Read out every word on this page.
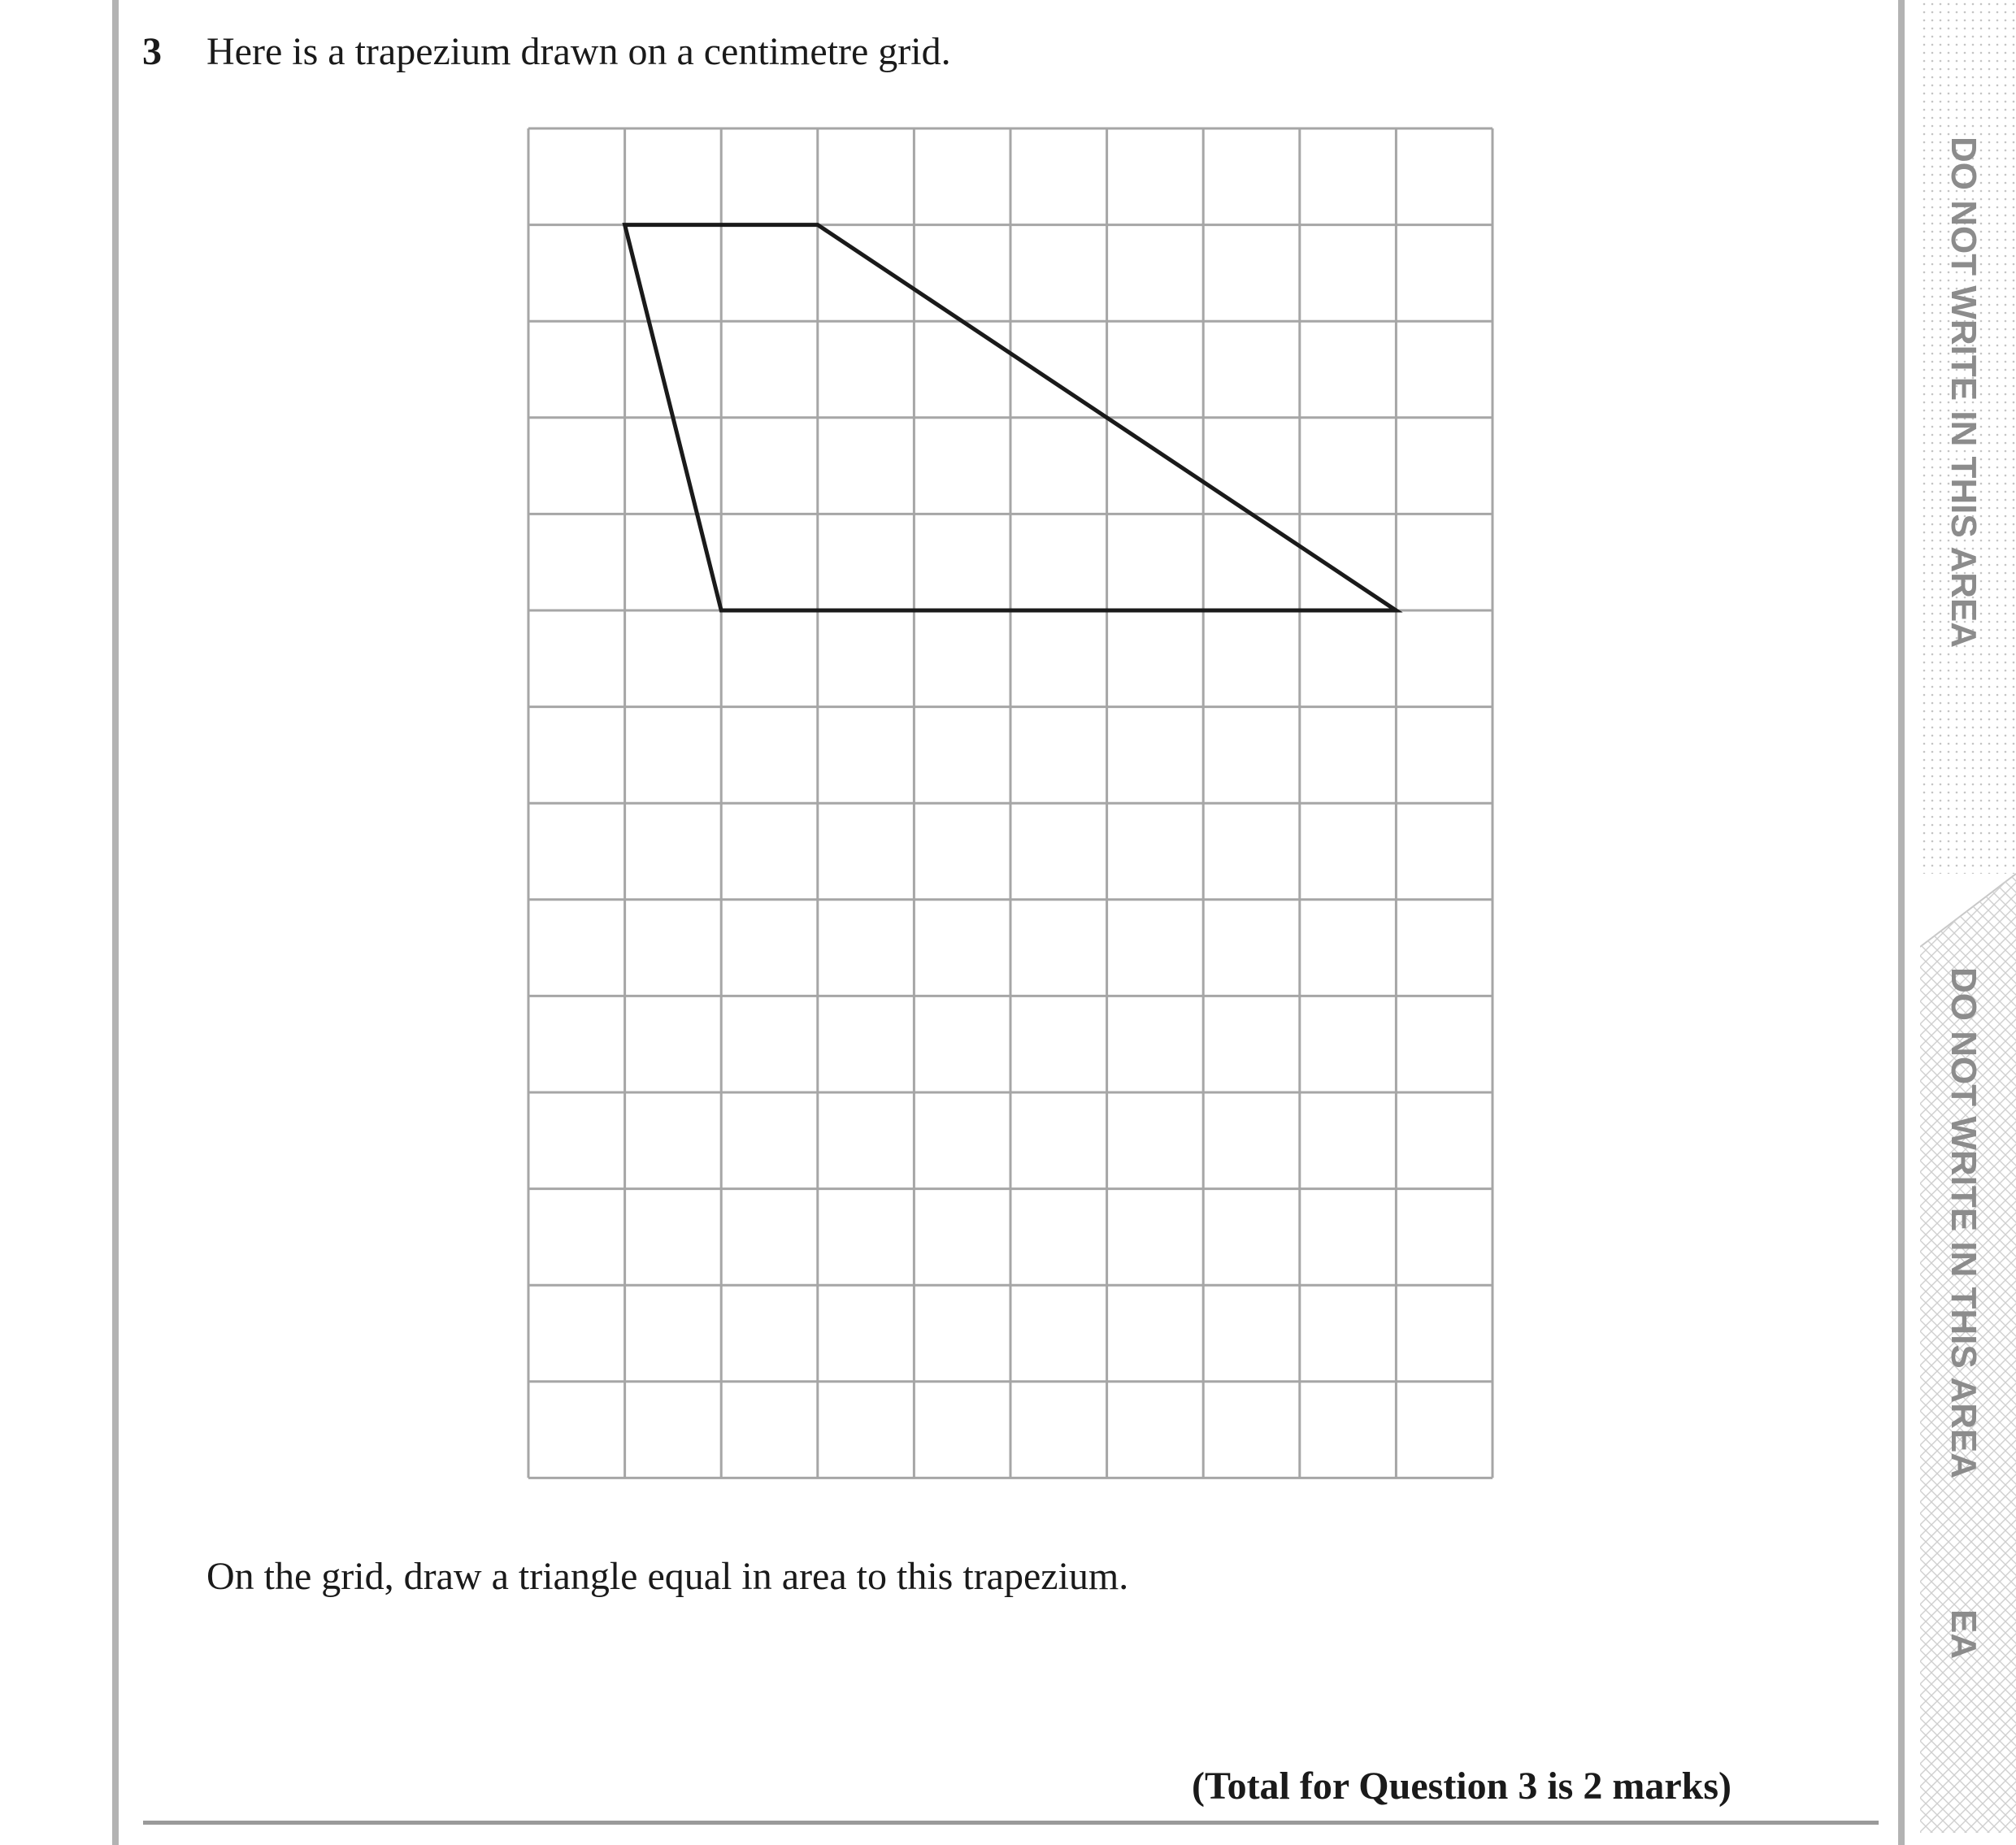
3 Here is a trapezium drawn on a centimetre grid.
On the grid, draw a triangle equal in area to this trapezium.
(Total for Question 3 is 2 marks)
DO NOT WRITE IN THIS AREA
DO NOT WRITE IN THIS AREA
EA
